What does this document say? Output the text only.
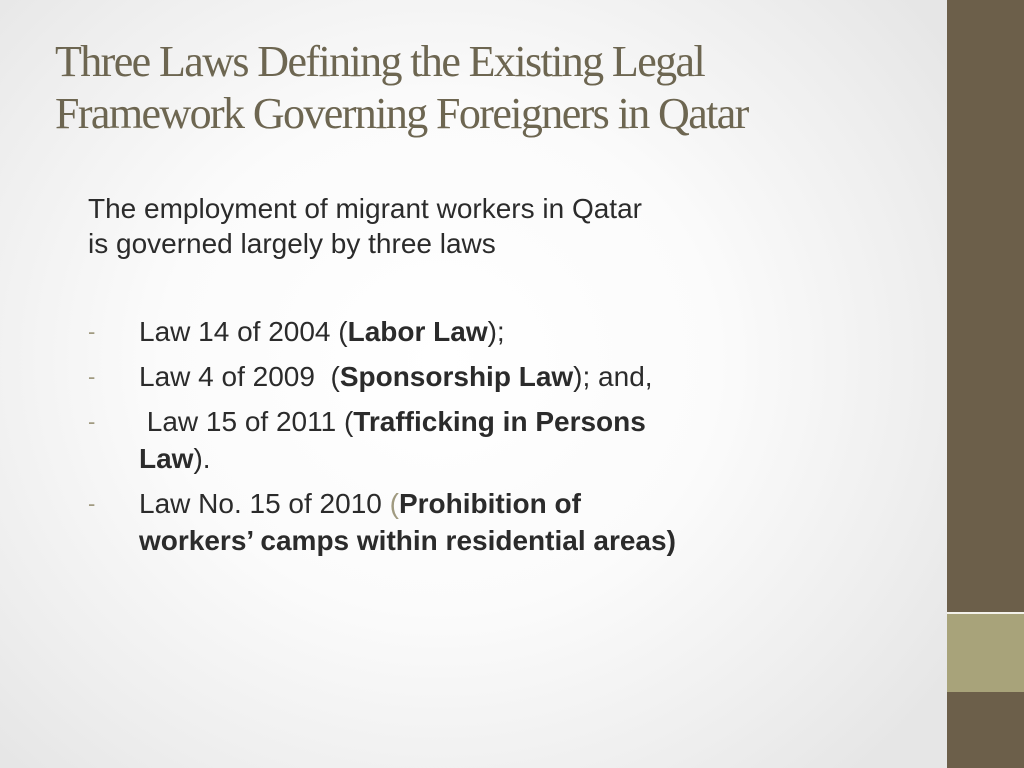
Three Laws Defining the Existing Legal
Framework Governing Foreigners in Qatar

The employment of migrant workers in Qatar
is governed largely by three laws

- Law 14 of 2004 (Labor Law);
- Law 4 of 2009  (Sponsorship Law); and,
- Law 15 of 2011 (Trafficking in Persons
Law).
- Law No. 15 of 2010 (Prohibition of
workers’ camps within residential areas)
